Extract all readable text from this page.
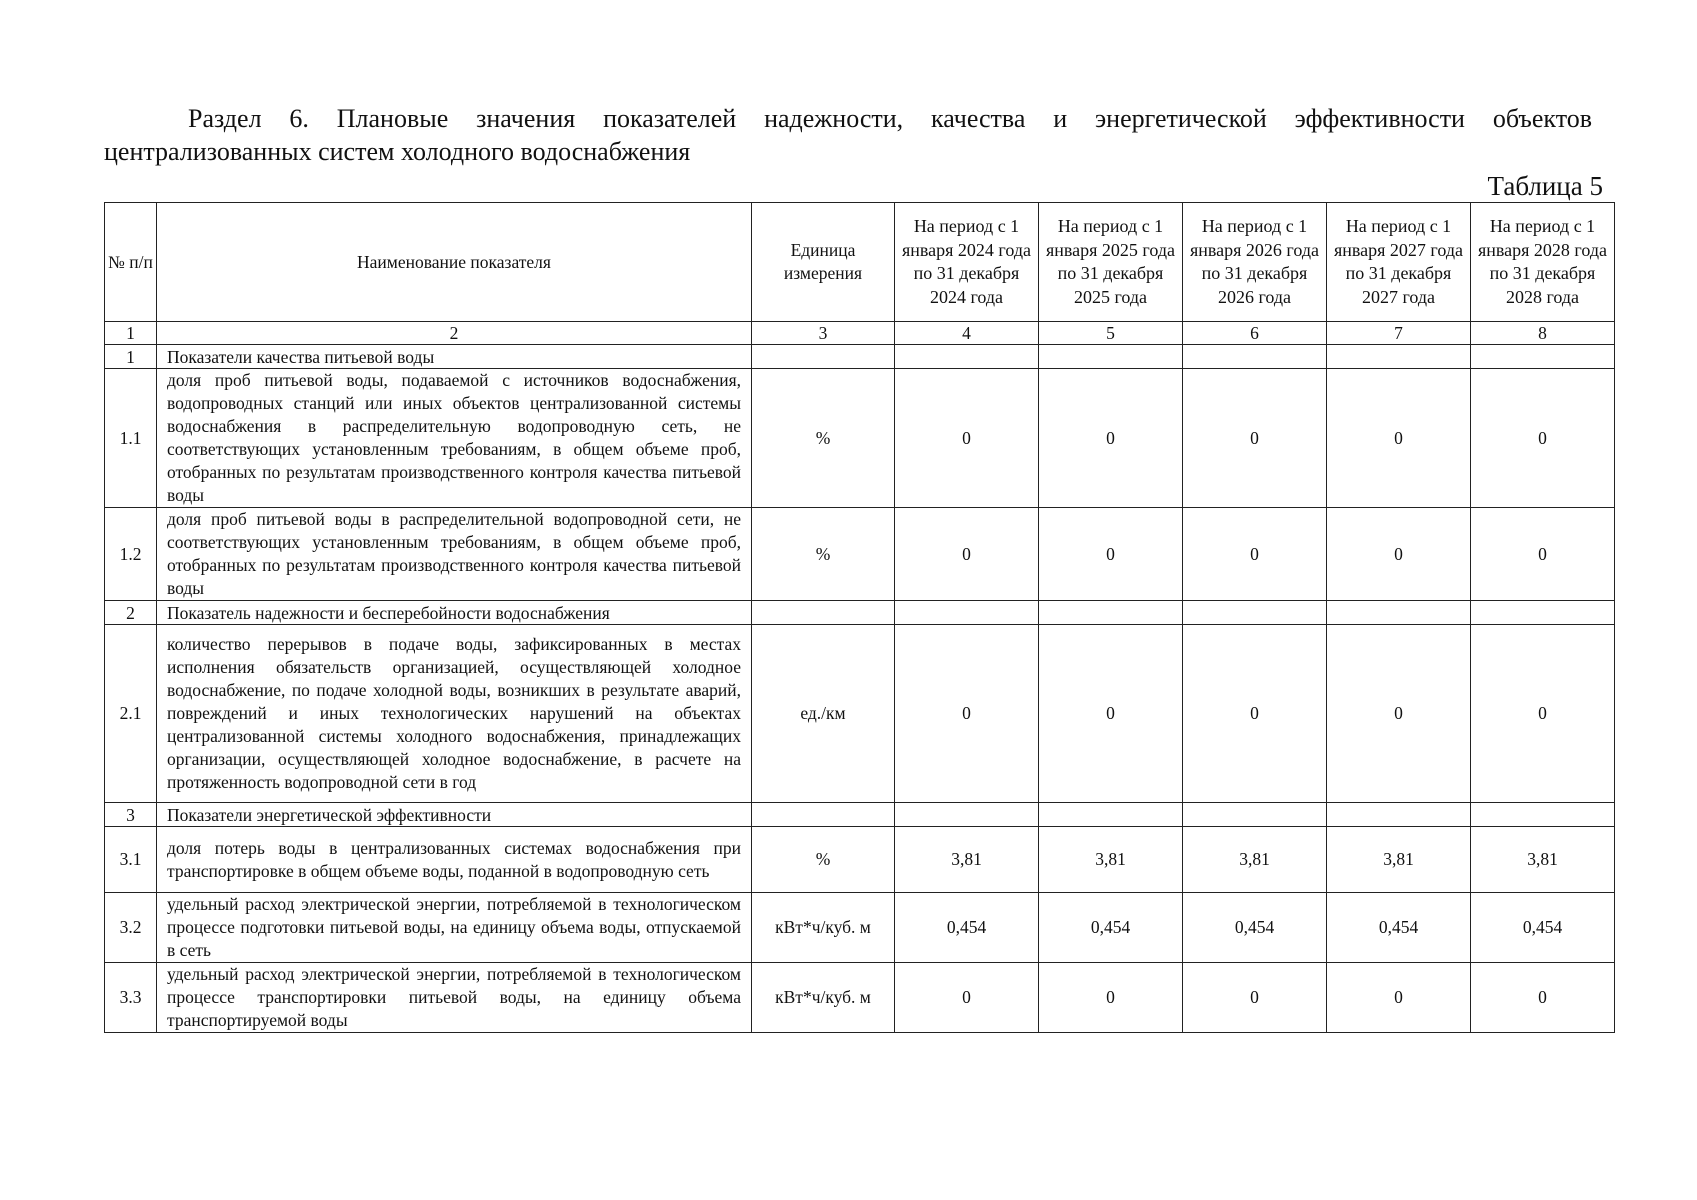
Раздел 6. Плановые значения показателей надежности, качества и энергетической эффективности объектов
централизованных систем холодного водоснабжения
Таблица 5
№ п/п	Наименование показателя	Единица измерения	На период с 1 января 2024 года по 31 декабря 2024 года	На период с 1 января 2025 года по 31 декабря 2025 года	На период с 1 января 2026 года по 31 декабря 2026 года	На период с 1 января 2027 года по 31 декабря 2027 года	На период с 1 января 2028 года по 31 декабря 2028 года
1	2	3	4	5	6	7	8
1	Показатели качества питьевой воды						
1.1	доля проб питьевой воды, подаваемой с источников водоснабжения, водопроводных станций или иных объектов централизованной системы водоснабжения в распределительную водопроводную сеть, не соответствующих установленным требованиям, в общем объеме проб, отобранных по результатам производственного контроля качества питьевой воды	%	0	0	0	0	0
1.2	доля проб питьевой воды в распределительной водопроводной сети, не соответствующих установленным требованиям, в общем объеме проб, отобранных по результатам производственного контроля качества питьевой воды	%	0	0	0	0	0
2	Показатель надежности и бесперебойности водоснабжения						
2.1	количество перерывов в подаче воды, зафиксированных в местах исполнения обязательств организацией, осуществляющей холодное водоснабжение, по подаче холодной воды, возникших в результате аварий, повреждений и иных технологических нарушений на объектах централизованной системы холодного водоснабжения, принадлежащих организации, осуществляющей холодное водоснабжение, в расчете на протяженность водопроводной сети в год	ед./км	0	0	0	0	0
3	Показатели энергетической эффективности						
3.1	доля потерь воды в централизованных системах водоснабжения при транспортировке в общем объеме воды, поданной в водопроводную сеть	%	3,81	3,81	3,81	3,81	3,81
3.2	удельный расход электрической энергии, потребляемой в технологическом процессе подготовки питьевой воды, на единицу объема воды, отпускаемой в сеть	кВт*ч/куб. м	0,454	0,454	0,454	0,454	0,454
3.3	удельный расход электрической энергии, потребляемой в технологическом процессе транспортировки питьевой воды, на единицу объема транспортируемой воды	кВт*ч/куб. м	0	0	0	0	0
